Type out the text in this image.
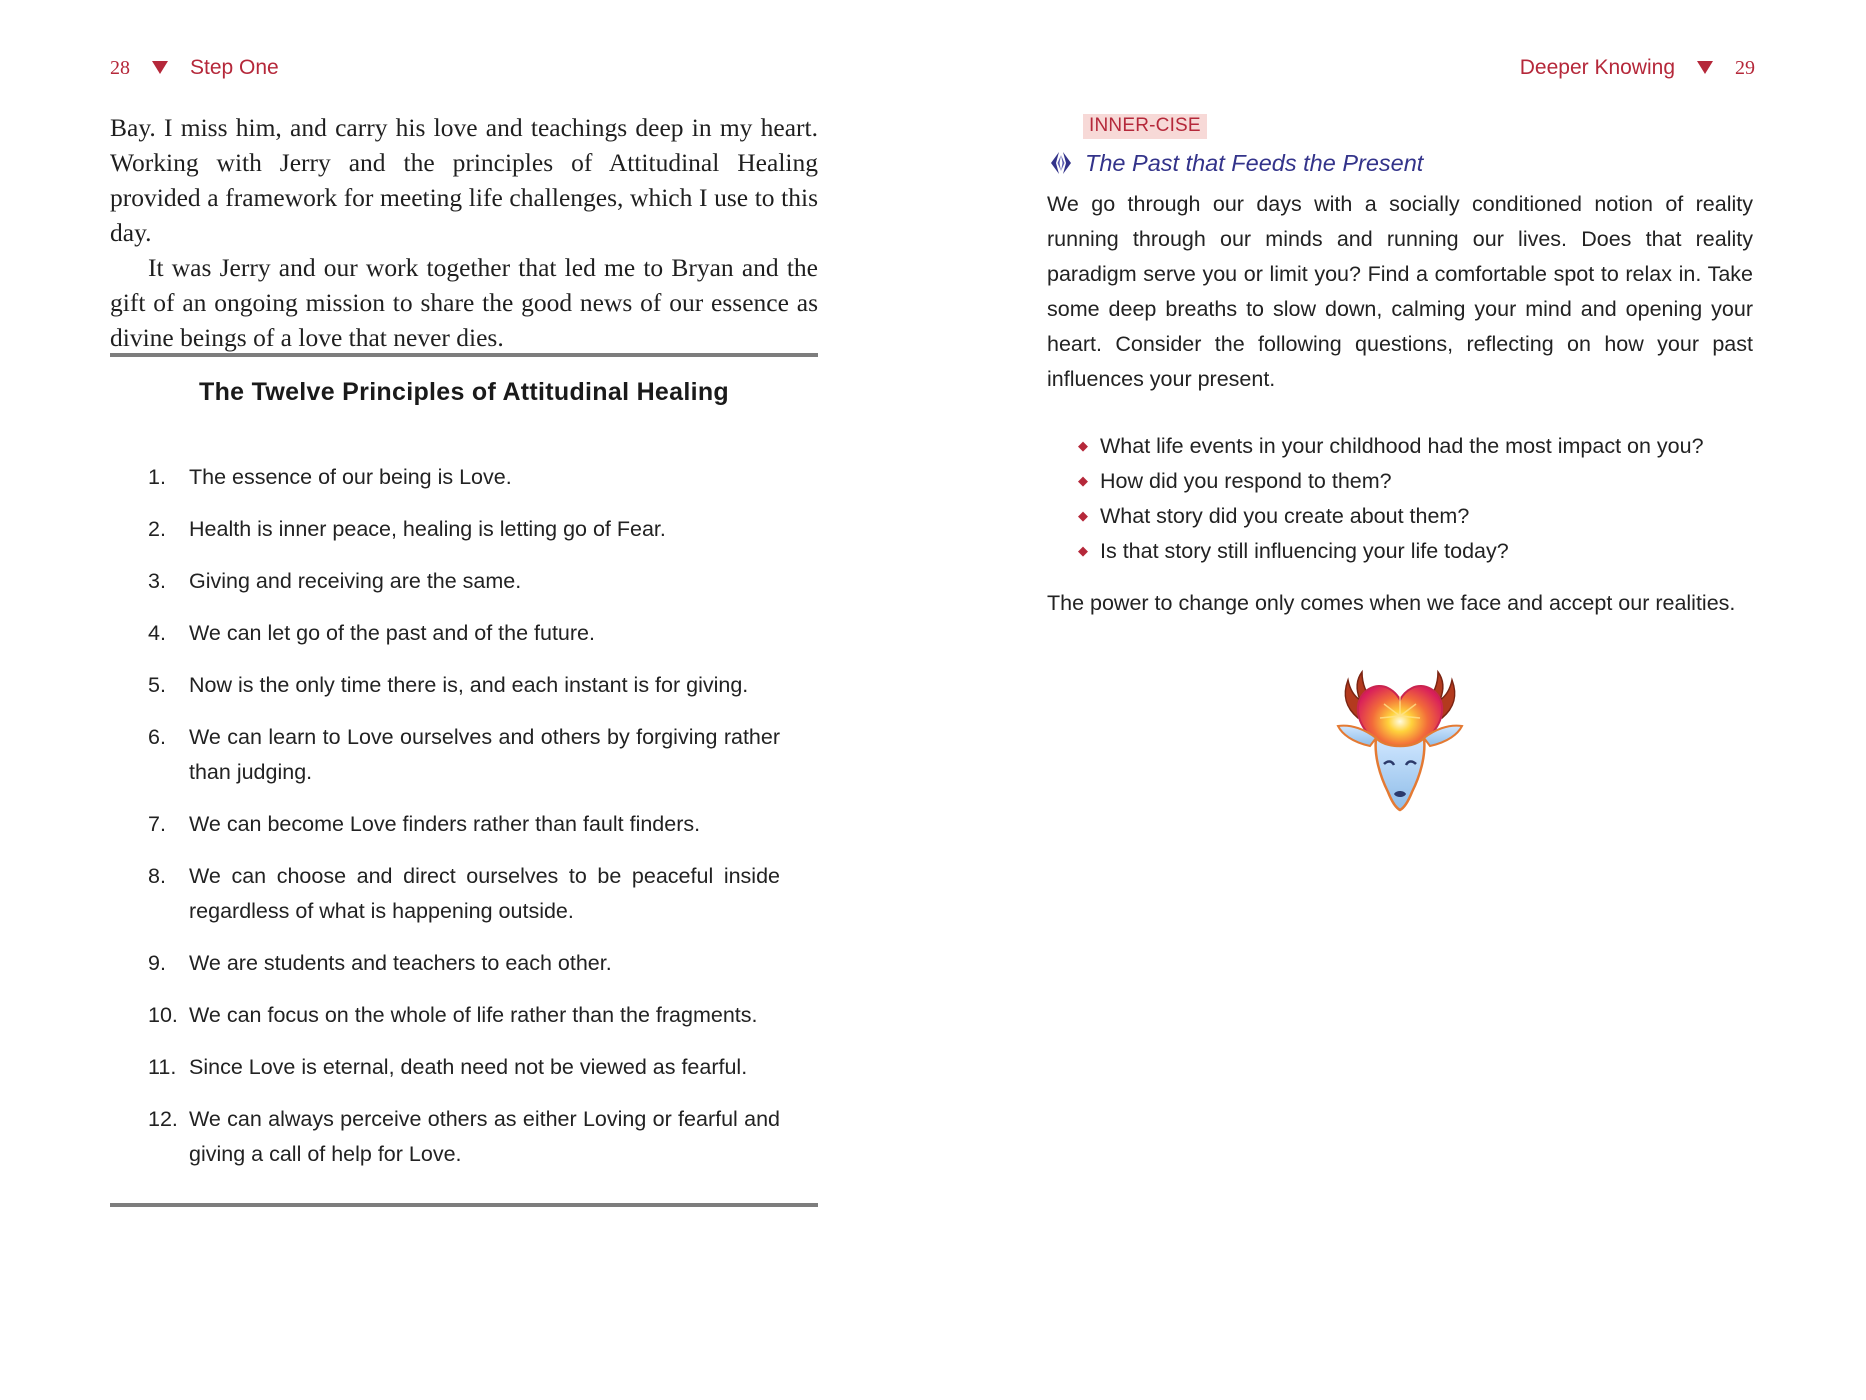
28	Step One

Bay. I miss him, and carry his love and teachings deep in my heart. Working with Jerry and the principles of Attitudinal Healing provided a framework for meeting life challenges, which I use to this day.

It was Jerry and our work together that led me to Bryan and the gift of an ongoing mission to share the good news of our essence as divine beings of a love that never dies.

The Twelve Principles of Attitudinal Healing
1.	The essence of our being is Love.
2.	Health is inner peace, healing is letting go of Fear.
3.	Giving and receiving are the same.
4.	We can let go of the past and of the future.
5.	Now is the only time there is, and each instant is for giving.
6.	We can learn to Love ourselves and others by forgiving rather than judging.
7.	We can become Love finders rather than fault finders.
8.	We can choose and direct ourselves to be peaceful inside regardless of what is happening outside.
9.	We are students and teachers to each other.
10. We can focus on the whole of life rather than the fragments.
11. Since Love is eternal, death need not be viewed as fearful.
12. We can always perceive others as either Loving or fearful and giving a call of help for Love.
Deeper Knowing	29
INNER-CISE
The Past that Feeds the Present
We go through our days with a socially conditioned notion of reality running through our minds and running our lives. Does that reality paradigm serve you or limit you? Find a comfortable spot to relax in. Take some deep breaths to slow down, calming your mind and opening your heart. Consider the following questions, reflecting on how your past influences your present.
◆ What life events in your childhood had the most impact on you?
◆ How did you respond to them?
◆ What story did you create about them?
◆ Is that story still influencing your life today?
The power to change only comes when we face and accept our realities.
